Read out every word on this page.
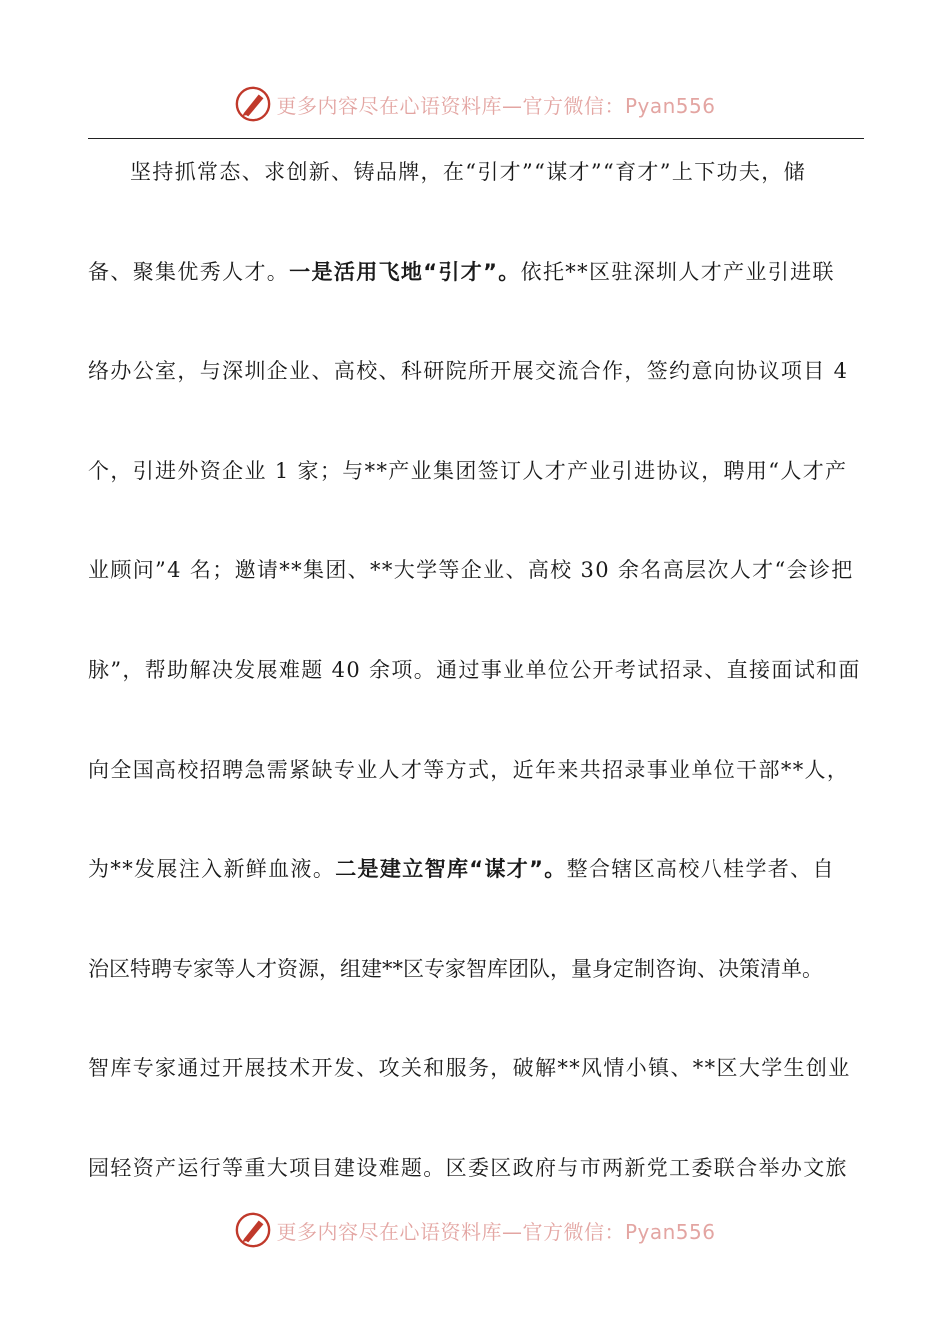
更多内容尽在心语资料库—官方微信：Pyan556
坚持抓常态、求创新、铸品牌，在“引才”“谋才”“育才”上下功夫，储
备、聚集优秀人才。一是活用飞地“引才”。依托**区驻深圳人才产业引进联
络办公室，与深圳企业、高校、科研院所开展交流合作，签约意向协议项目 4
个，引进外资企业 1 家；与**产业集团签订人才产业引进协议，聘用“人才产
业顾问”4 名；邀请**集团、**大学等企业、高校 30 余名高层次人才“会诊把
脉”，帮助解决发展难题 40 余项。通过事业单位公开考试招录、直接面试和面
向全国高校招聘急需紧缺专业人才等方式，近年来共招录事业单位干部**人，
为**发展注入新鲜血液。二是建立智库“谋才”。整合辖区高校八桂学者、自
治区特聘专家等人才资源，组建**区专家智库团队，量身定制咨询、决策清单。
智库专家通过开展技术开发、攻关和服务，破解**风情小镇、**区大学生创业
园轻资产运行等重大项目建设难题。区委区政府与市两新党工委联合举办文旅
更多内容尽在心语资料库—官方微信：Pyan556
